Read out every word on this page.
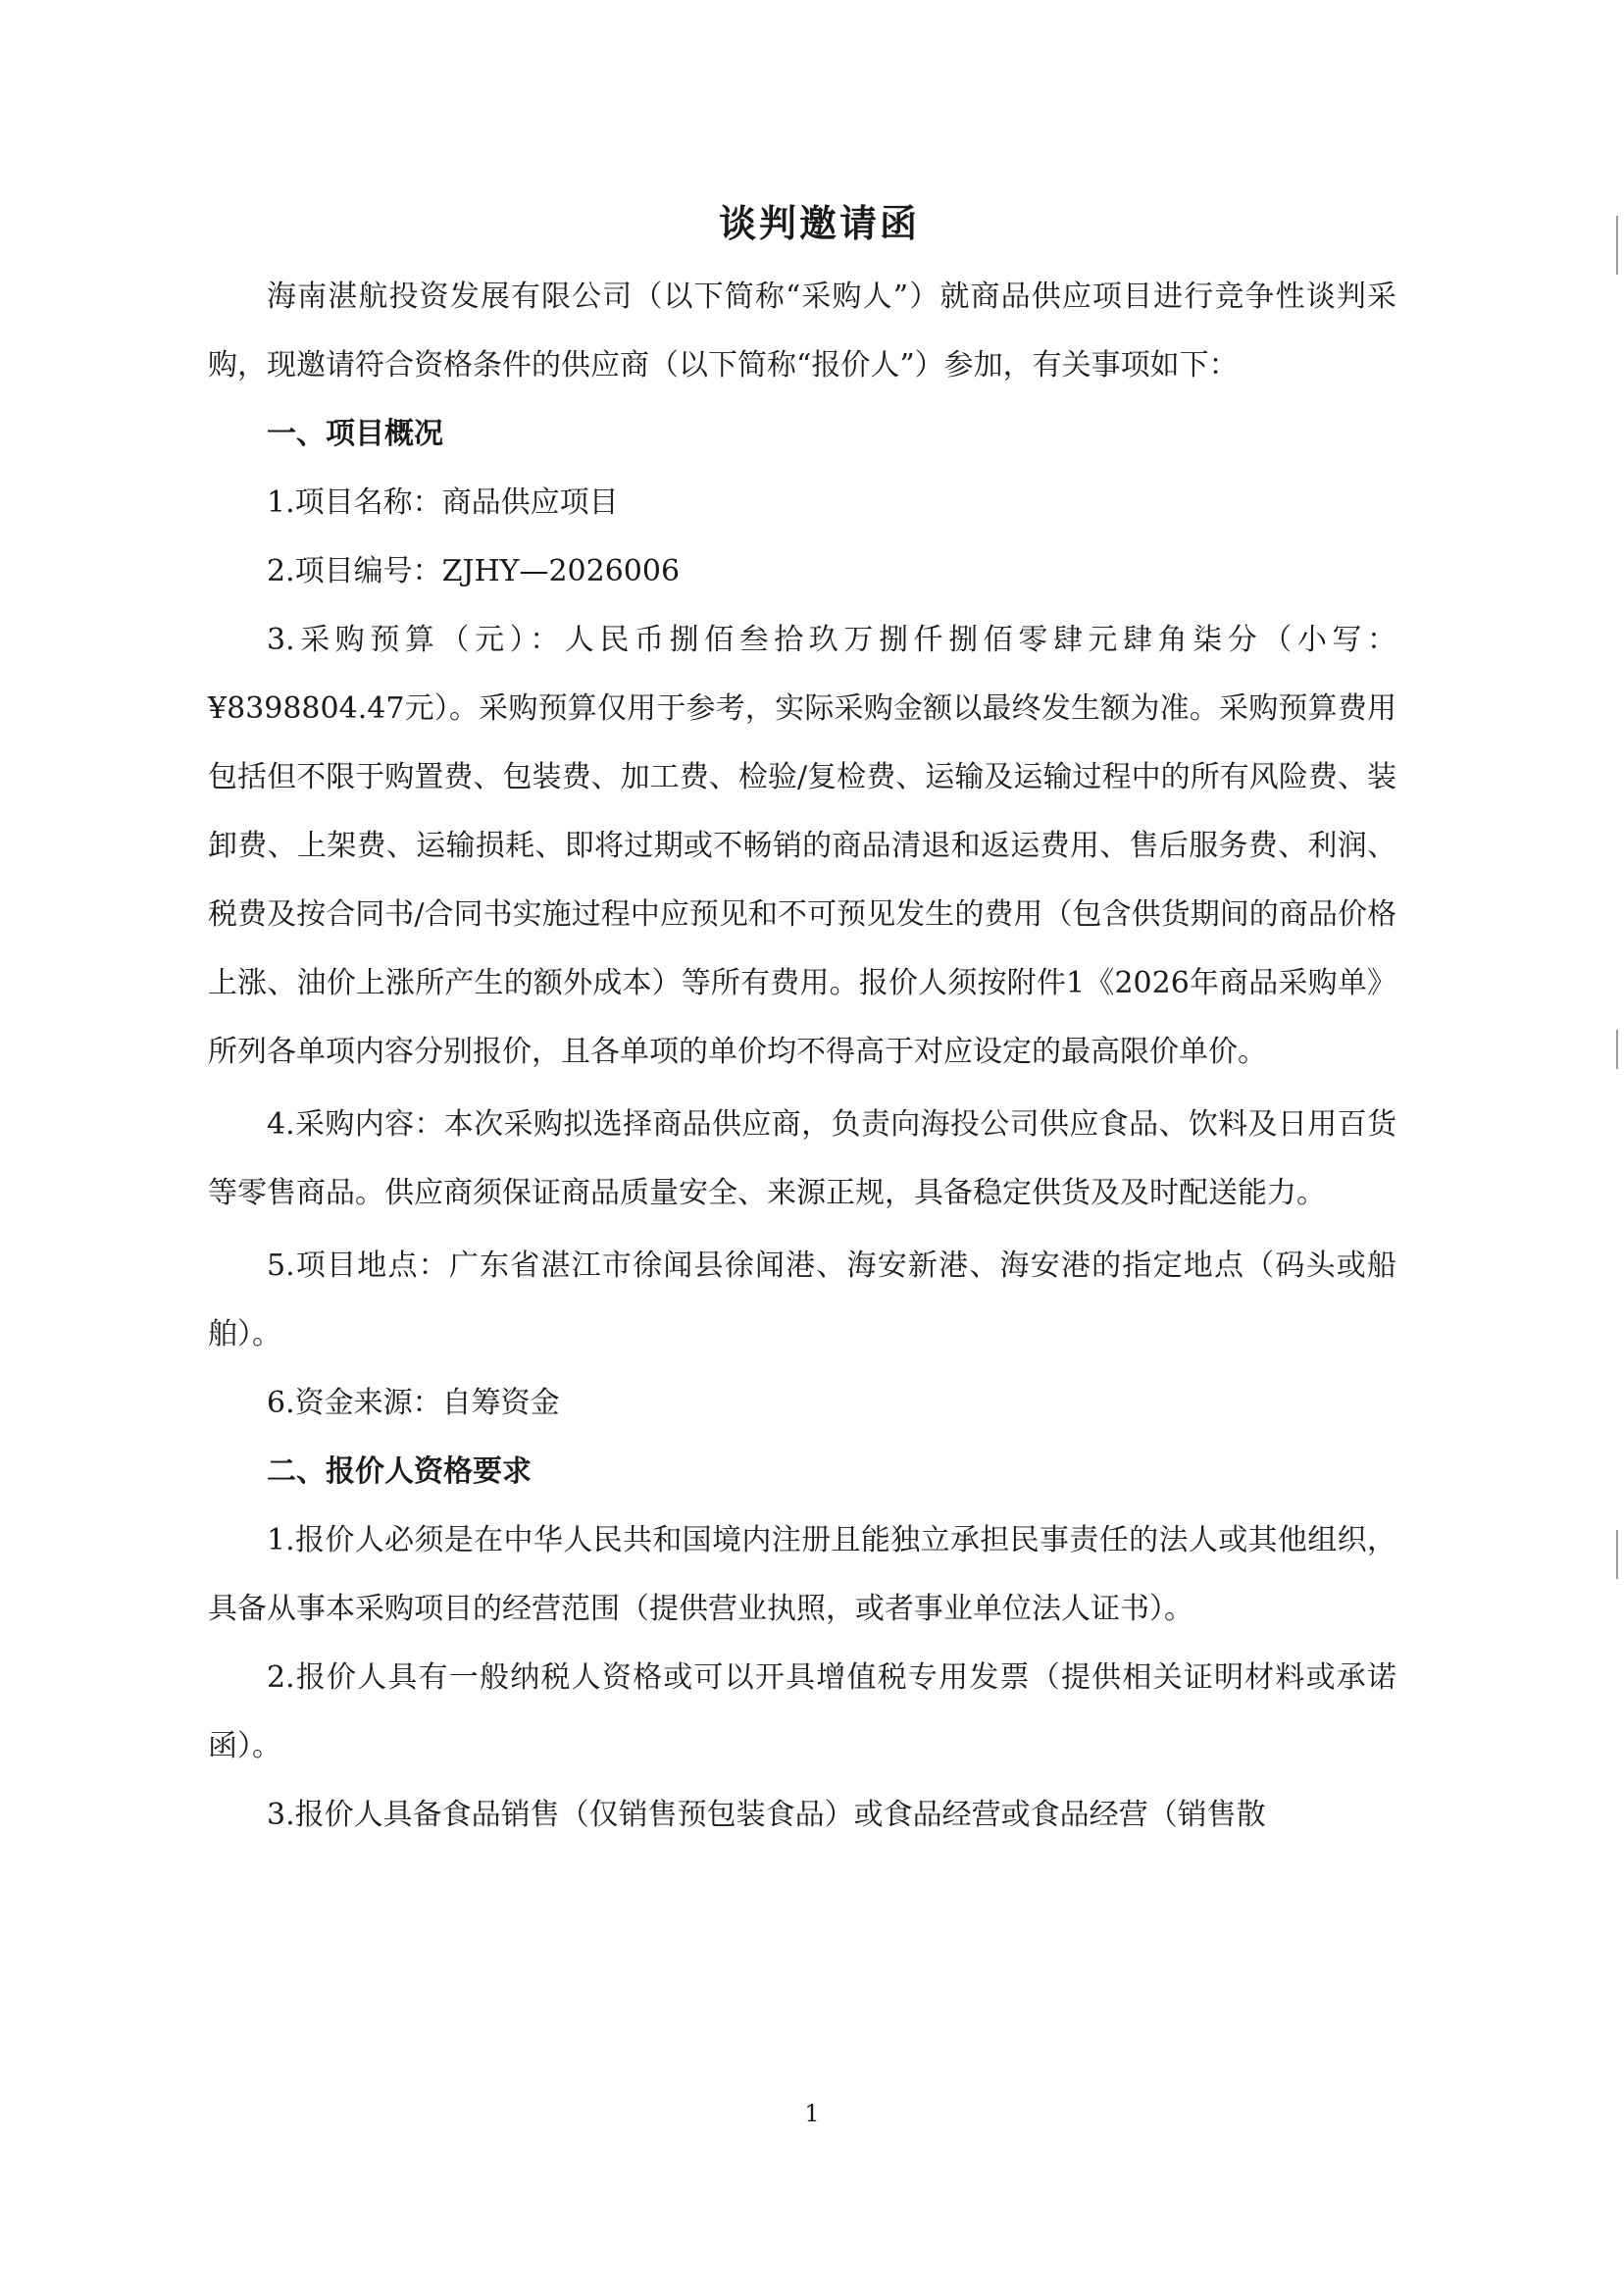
谈判邀请函

海南湛航投资发展有限公司（以下简称“采购人”）就商品供应项目进行竞争性谈判采购，现邀请符合资格条件的供应商（以下简称“报价人”）参加，有关事项如下：

一、项目概况

1.项目名称：商品供应项目

2.项目编号：ZJHY—2026006

3.采购预算（元）：人民币捌佰叁拾玖万捌仟捌佰零肆元肆角柒分（小写：¥8398804.47元）。采购预算仅用于参考，实际采购金额以最终发生额为准。采购预算费用包括但不限于购置费、包装费、加工费、检验/复检费、运输及运输过程中的所有风险费、装卸费、上架费、运输损耗、即将过期或不畅销的商品清退和返运费用、售后服务费、利润、税费及按合同书/合同书实施过程中应预见和不可预见发生的费用（包含供货期间的商品价格上涨、油价上涨所产生的额外成本）等所有费用。报价人须按附件1《2026年商品采购单》所列各单项内容分别报价，且各单项的单价均不得高于对应设定的最高限价单价。

4.采购内容：本次采购拟选择商品供应商，负责向海投公司供应食品、饮料及日用百货等零售商品。供应商须保证商品质量安全、来源正规，具备稳定供货及及时配送能力。

5.项目地点：广东省湛江市徐闻县徐闻港、海安新港、海安港的指定地点（码头或船舶）。

6.资金来源：自筹资金

二、报价人资格要求

1.报价人必须是在中华人民共和国境内注册且能独立承担民事责任的法人或其他组织，具备从事本采购项目的经营范围（提供营业执照，或者事业单位法人证书）。

2.报价人具有一般纳税人资格或可以开具增值税专用发票（提供相关证明材料或承诺函）。

3.报价人具备食品销售（仅销售预包装食品）或食品经营或食品经营（销售散

1
